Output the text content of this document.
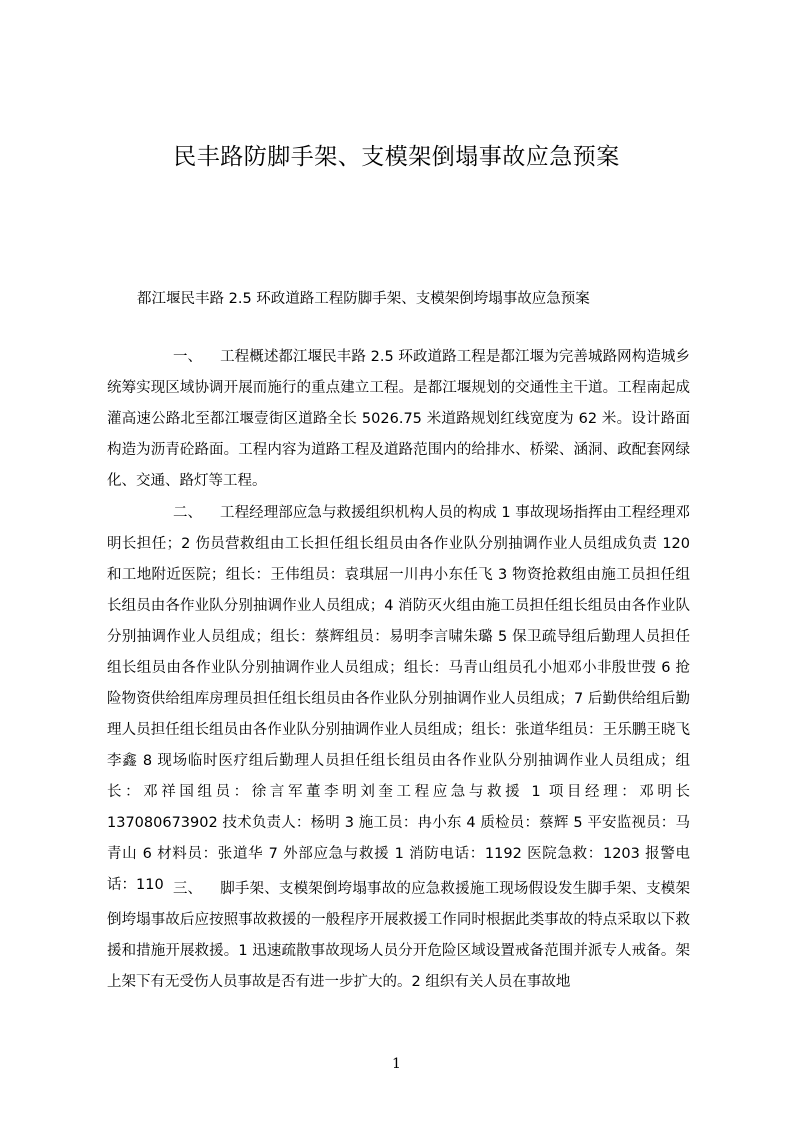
民丰路防脚手架、支模架倒塌事故应急预案

都江堰民丰路 2.5 环政道路工程防脚手架、支模架倒垮塌事故应急预案

一、 工程概述都江堰民丰路 2.5 环政道路工程是都江堰为完善城路网构造城乡统筹实现区域协调开展而施行的重点建立工程。是都江堰规划的交通性主干道。工程南起成灌高速公路北至都江堰壹街区道路全长 5026.75 米道路规划红线宽度为 62 米。设计路面构造为沥青砼路面。工程内容为道路工程及道路范围内的给排水、桥梁、涵洞、政配套网绿化、交通、路灯等工程。

二、 工程经理部应急与救援组织机构人员的构成 1 事故现场指挥由工程经理邓明长担任；2 伤员营救组由工长担任组长组员由各作业队分别抽调作业人员组成负责 120 和工地附近医院；组长：王伟组员：袁琪屈一川冉小东任飞 3 物资抢救组由施工员担任组长组员由各作业队分别抽调作业人员组成；4 消防灭火组由施工员担任组长组员由各作业队分别抽调作业人员组成；组长：蔡辉组员：易明李言啸朱璐 5 保卫疏导组后勤理人员担任组长组员由各作业队分别抽调作业人员组成；组长：马青山组员孔小旭邓小非殷世弢 6 抢险物资供给组库房理员担任组长组员由各作业队分别抽调作业人员组成；7 后勤供给组后勤理人员担任组长组员由各作业队分别抽调作业人员组成；组长：张道华组员：王乐鹏王晓飞李鑫 8 现场临时医疗组后勤理人员担任组长组员由各作业队分别抽调作业人员组成；组长：邓祥国组员：徐言军董李明刘奎工程应急与救援 1 项目经理：邓明长 137080673902 技术负责人：杨明 3 施工员：冉小东 4 质检员：蔡辉 5 平安监视员：马青山 6 材料员：张道华 7 外部应急与救援 1 消防电话：1192 医院急救：1203 报警电话：110 三、 脚手架、支模架倒垮塌事故的应急救援施工现场假设发生脚手架、支模架倒垮塌事故后应按照事故救援的一般程序开展救援工作同时根据此类事故的特点采取以下救援和措施开展救援。1 迅速疏散事故现场人员分开危险区域设置戒备范围并派专人戒备。架上架下有无受伤人员事故是否有进一步扩大的。2 组织有关人员在事故地

1
